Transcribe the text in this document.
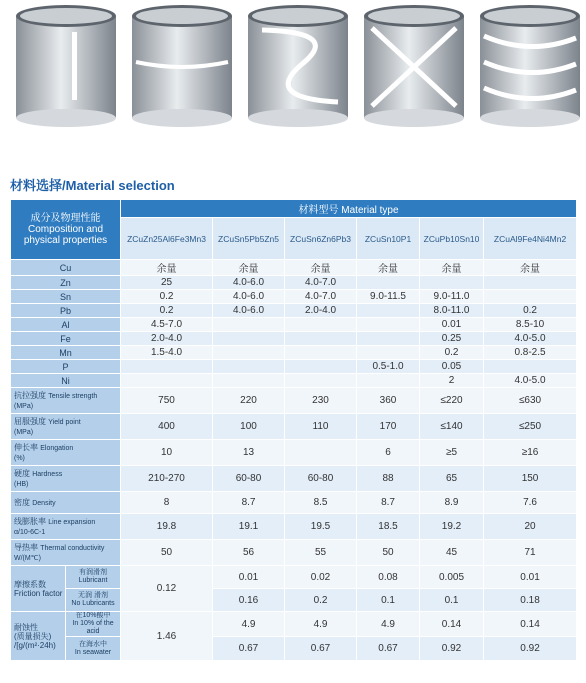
材料选择/Material selection
成分及物理性能
Composition and physical properties		材料型号 Material type					
		ZCuZn25Al6Fe3Mn3	ZCuSn5Pb5Zn5	ZCuSn6Zn6Pb3	ZCuSn10P1	ZCuPb10Sn10	ZCuAl9Fe4Ni4Mn2
Cu		余量	余量	余量	余量	余量	余量
Zn		25	4.0-6.0	4.0-7.0			
Sn		0.2	4.0-6.0	4.0-7.0	9.0-11.5	9.0-11.0	
Pb		0.2	4.0-6.0	2.0-4.0		8.0-11.0	0.2
Al		4.5-7.0				0.01	8.5-10
Fe		2.0-4.0				0.25	4.0-5.0
Mn		1.5-4.0				0.2	0.8-2.5
P					0.5-1.0	0.05	
Ni						2	4.0-5.0
抗拉强度 Tensile strength
(MPa)		750	220	230	360	≤220	≤630
屈服强度 Yield point
(MPa)		400	100	110	170	≤140	≤250
伸长率 Elongation
(%)		10	13		6	≥5	≥16
硬度 Hardness
(HB)		210-270	60-80	60-80	88	65	150
密度 Density		8	8.7	8.5	8.7	8.9	7.6
线膨胀率 Line expansion
α/10-6C-1		19.8	19.1	19.5	18.5	19.2	20
导热率 Thermal conductivity
W/(M℃)		50	56	55	50	45	71
摩擦系数
Friction factor	有润滑剂
Lubricant	0.12	0.01	0.02	0.08	0.005	0.01
	无润 滑剂
No Lubricants		0.16	0.2	0.1	0.1	0.18
耐蚀性
(质量损失)
/[g/(m²·24h)	在10%酸中
In 10% of the acid	1.46	4.9	4.9	4.9	0.14	0.14
	在海水中
In seawater		0.67	0.67	0.67	0.92	0.92
